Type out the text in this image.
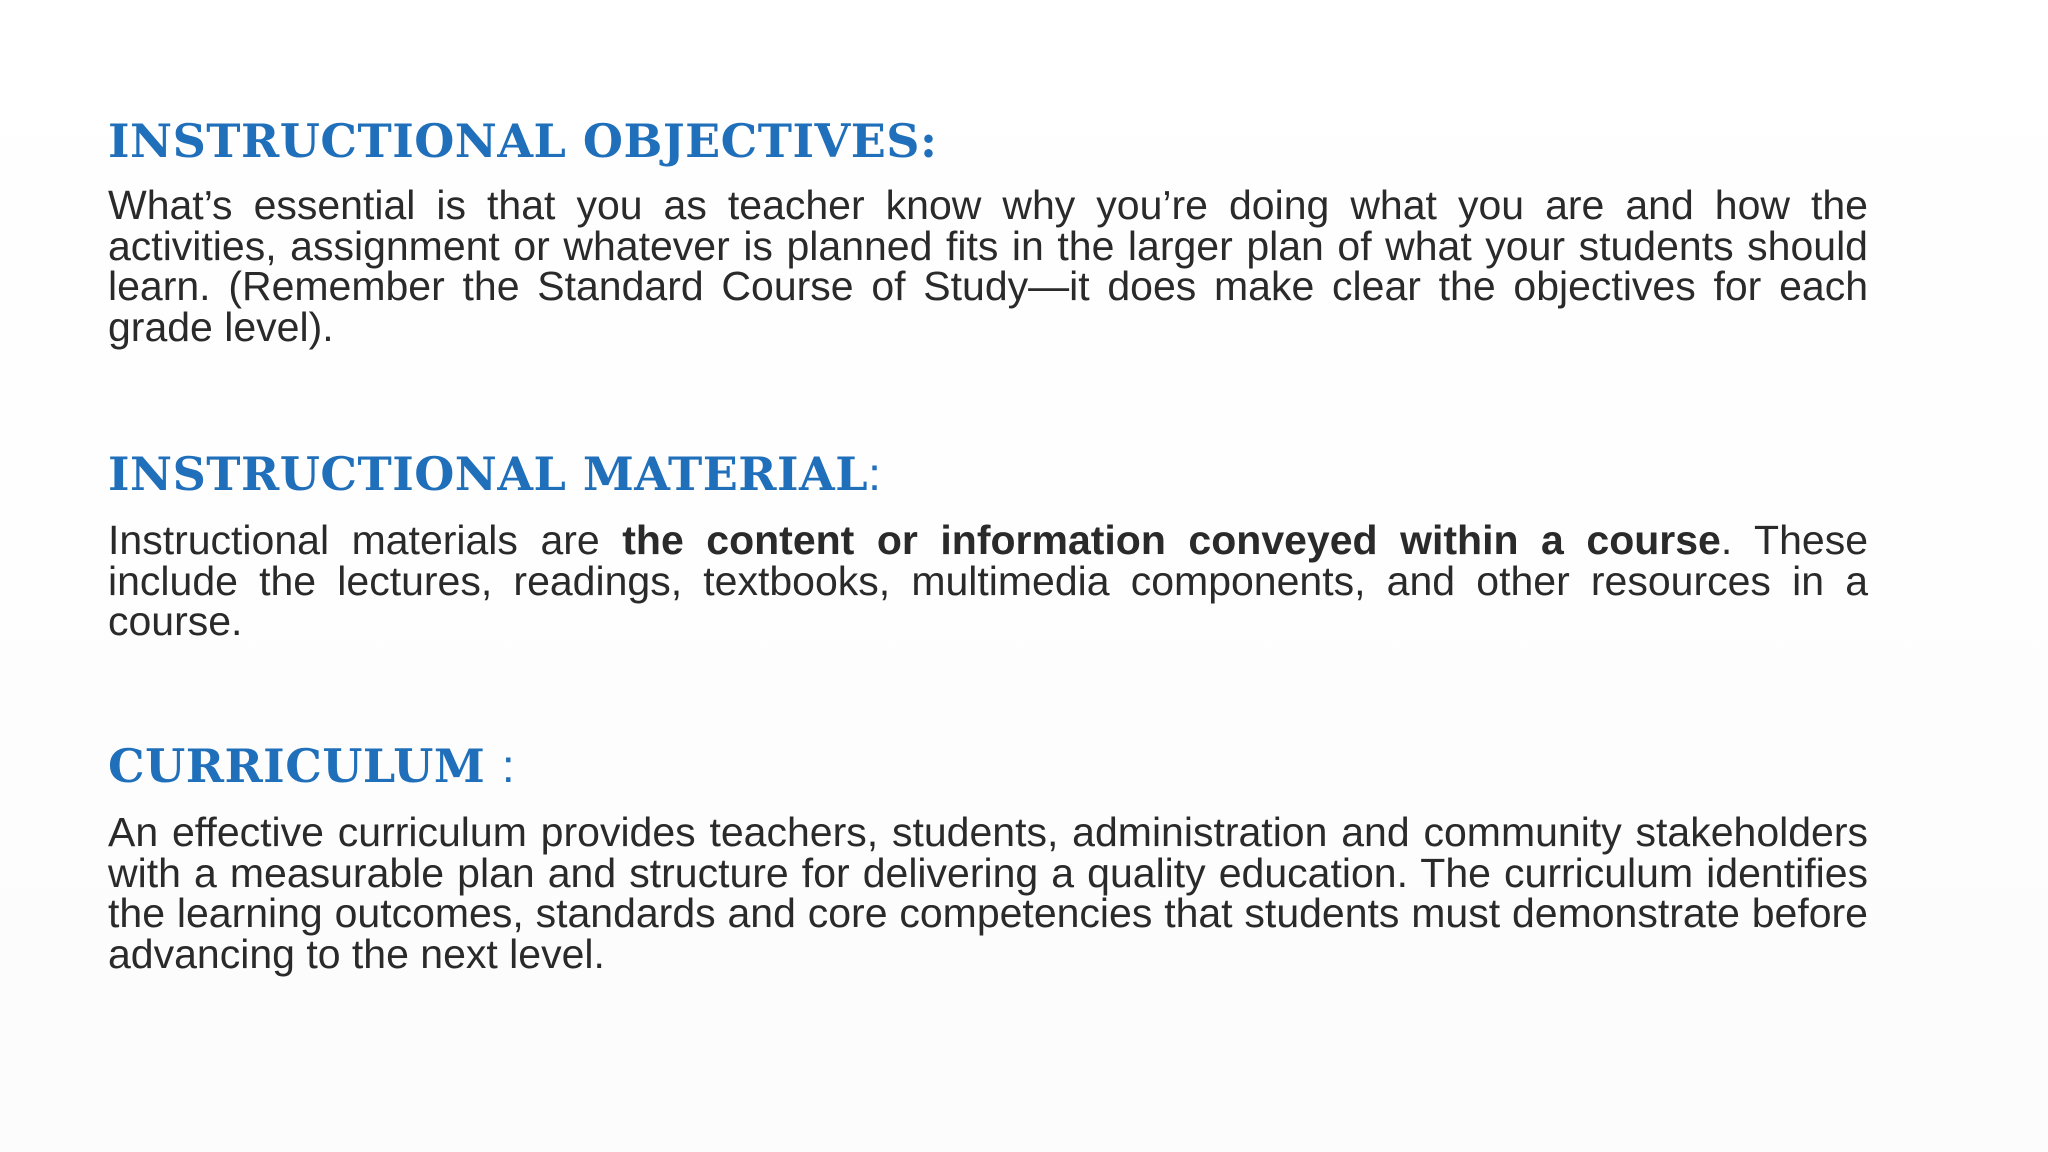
INSTRUCTIONAL OBJECTIVES:

What’s essential is that you as teacher know why you’re doing what you are and how the activities, assignment or whatever is planned fits in the larger plan of what your students should learn. (Remember the Standard Course of Study—it does make clear the objectives for each grade level).

INSTRUCTIONAL MATERIAL:

Instructional materials are the content or information conveyed within a course. These include the lectures, readings, textbooks, multimedia components, and other resources in a course.

CURRICULUM :

An effective curriculum provides teachers, students, administration and community stakeholders with a measurable plan and structure for delivering a quality education. The curriculum identifies the learning outcomes, standards and core competencies that students must demonstrate before advancing to the next level.
